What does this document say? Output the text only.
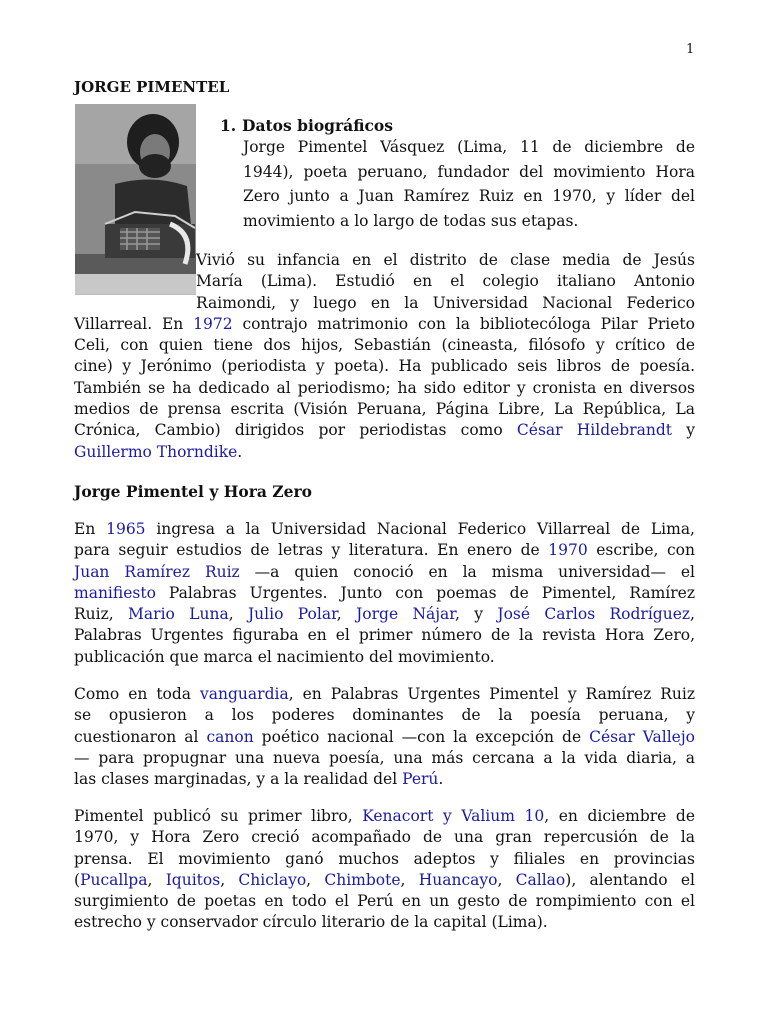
1
JORGE PIMENTEL
1. Datos biográficos
Jorge Pimentel Vásquez (Lima, 11 de diciembre de
1944), poeta peruano, fundador del movimiento Hora
Zero junto a Juan Ramírez Ruiz en 1970, y líder del
movimiento a lo largo de todas sus etapas.
Vivió su infancia en el distrito de clase media de Jesús
María (Lima). Estudió en el colegio italiano Antonio
Raimondi, y luego en la Universidad Nacional Federico
Villarreal. En 1972 contrajo matrimonio con la bibliotecóloga Pilar Prieto
Celi, con quien tiene dos hijos, Sebastián (cineasta, filósofo y crítico de
cine) y Jerónimo (periodista y poeta). Ha publicado seis libros de poesía.
También se ha dedicado al periodismo; ha sido editor y cronista en diversos
medios de prensa escrita (Visión Peruana, Página Libre, La República, La
Crónica, Cambio) dirigidos por periodistas como César Hildebrandt y
Guillermo Thorndike.
Jorge Pimentel y Hora Zero
En 1965 ingresa a la Universidad Nacional Federico Villarreal de Lima,
para seguir estudios de letras y literatura. En enero de 1970 escribe, con
Juan Ramírez Ruiz —a quien conoció en la misma universidad— el
manifiesto Palabras Urgentes. Junto con poemas de Pimentel, Ramírez
Ruiz, Mario Luna, Julio Polar, Jorge Nájar, y José Carlos Rodríguez,
Palabras Urgentes figuraba en el primer número de la revista Hora Zero,
publicación que marca el nacimiento del movimiento.
Como en toda vanguardia, en Palabras Urgentes Pimentel y Ramírez Ruiz
se opusieron a los poderes dominantes de la poesía peruana, y
cuestionaron al canon poético nacional —con la excepción de César Vallejo
— para propugnar una nueva poesía, una más cercana a la vida diaria, a
las clases marginadas, y a la realidad del Perú.
Pimentel publicó su primer libro, Kenacort y Valium 10, en diciembre de
1970, y Hora Zero creció acompañado de una gran repercusión de la
prensa. El movimiento ganó muchos adeptos y filiales en provincias
(Pucallpa, Iquitos, Chiclayo, Chimbote, Huancayo, Callao), alentando el
surgimiento de poetas en todo el Perú en un gesto de rompimiento con el
estrecho y conservador círculo literario de la capital (Lima).
